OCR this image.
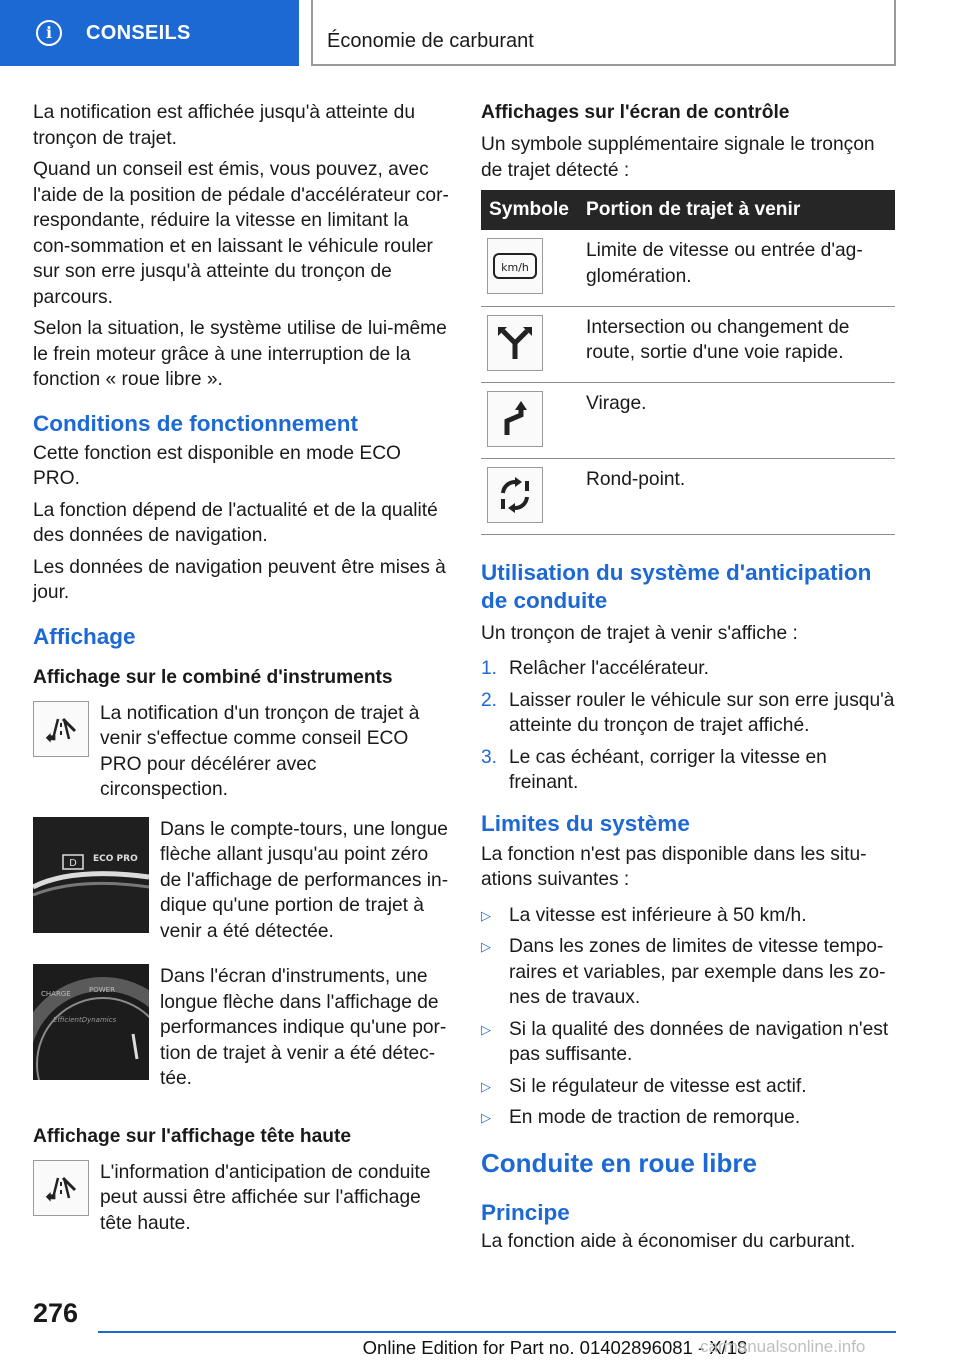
i	CONSEILS	Économie de carburant

La notification est affichée jusqu'à atteinte du tronçon de trajet.

Quand un conseil est émis, vous pouvez, avec l'aide de la position de pédale d'accélérateur cor-respondante, réduire la vitesse en limitant la con-sommation et en laissant le véhicule rouler sur son erre jusqu'à atteinte du tronçon de parcours.

Selon la situation, le système utilise de lui-même le frein moteur grâce à une interruption de la fonction « roue libre ».

Conditions de fonctionnement

Cette fonction est disponible en mode ECO PRO.

La fonction dépend de l'actualité et de la qualité des données de navigation.

Les données de navigation peuvent être mises à jour.

Affichage
Affichage sur le combiné d'instruments
La notification d'un tronçon de trajet à venir s'effectue comme conseil ECO PRO pour décélérer avec circonspection.
D ECO PRO
Dans le compte-tours, une longue flèche allant jusqu'au point zéro de l'affichage de performances in-dique qu'une portion de trajet à venir a été détectée.
CHARGE	POWER
EfficientDynamics
Dans l'écran d'instruments, une longue flèche dans l'affichage de performances indique qu'une por-tion de trajet à venir a été détec-tée.
Affichage sur l'affichage tête haute
L'information d'anticipation de conduite peut aussi être affichée sur l'affichage tête haute.
Affichages sur l'écran de contrôle

Un symbole supplémentaire signale le tronçon de trajet détecté :

Symbole	Portion de trajet à venir

km/h	Limite de vitesse ou entrée d'ag-glomération.

	Intersection ou changement de route, sortie d'une voie rapide.

	Virage.

	Rond-point.
Utilisation du système d'anticipation de conduite

Un tronçon de trajet à venir s'affiche :

1. Relâcher l'accélérateur.
2. Laisser rouler le véhicule sur son erre jusqu'à atteinte du tronçon de trajet affiché.
3. Le cas échéant, corriger la vitesse en freinant.
Limites du système

La fonction n'est pas disponible dans les situ-ations suivantes :

▷ La vitesse est inférieure à 50 km/h.
▷ Dans les zones de limites de vitesse tempo-raires et variables, par exemple dans les zo-nes de travaux.
▷ Si la qualité des données de navigation n'est pas suffisante.
▷ Si le régulateur de vitesse est actif.
▷ En mode de traction de remorque.
Conduite en roue libre
Principe

La fonction aide à économiser du carburant.

276
Online Edition for Part no. 01402896081 - X/18
carmanualsonline.info
